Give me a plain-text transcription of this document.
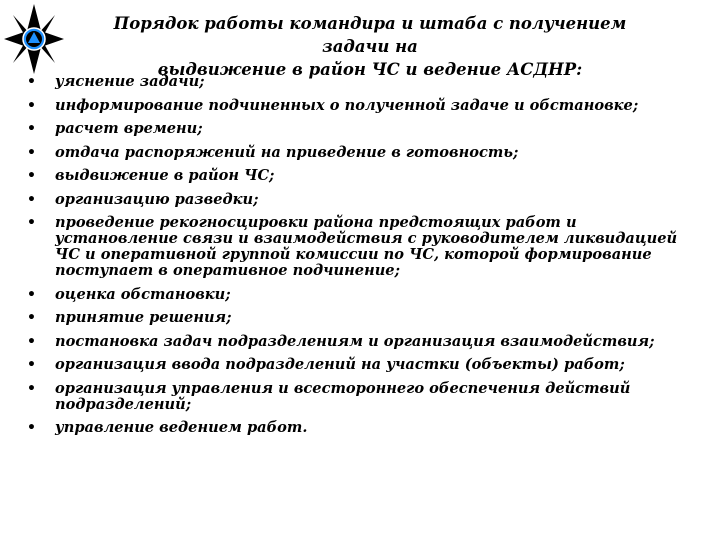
Порядок работы командира и штаба с получением задачи на
выдвижение в район ЧС и ведение АСДНР:
• уяснение задачи;
• информирование подчиненных о полученной задаче и обстановке;
• расчет времени;
• отдача распоряжений на приведение в готовность;
• выдвижение в район ЧС;
• организацию разведки;
• проведение рекогносцировки района предстоящих работ и установление связи и взаимодействия с руководителем ликвидацией ЧС и оперативной группой комиссии по ЧС, которой формирование поступает в оперативное подчинение;
• оценка обстановки;
• принятие решения;
• постановка задач подразделениям и организация взаимодействия;
• организация ввода подразделений на участки (объекты) работ;
• организация управления и всестороннего обеспечения действий подразделений;
• управление ведением работ.
